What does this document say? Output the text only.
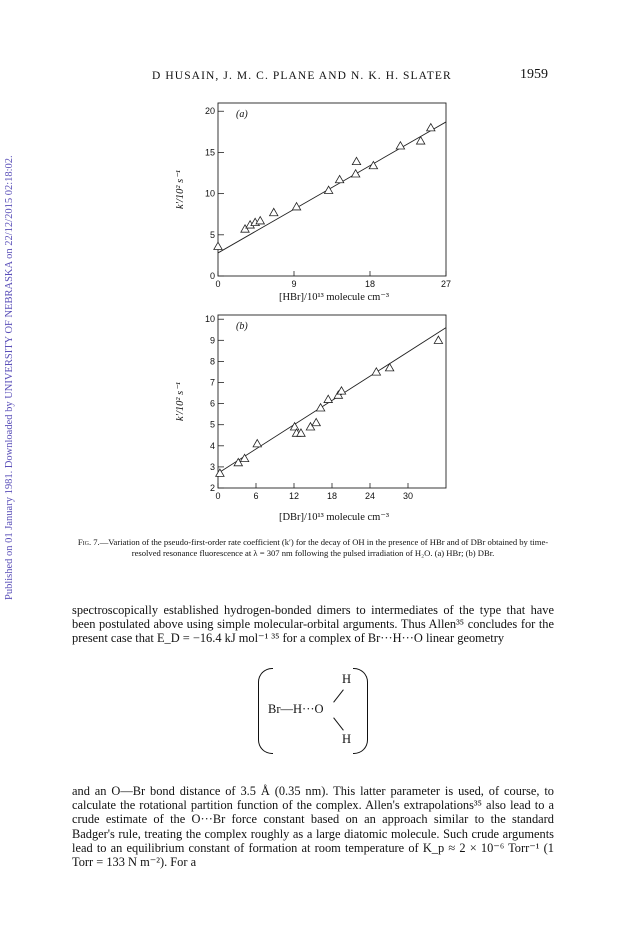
Published on 01 January 1981. Downloaded by UNIVERSITY OF NEBRASKA on 22/12/2015 02:18:02.
D HUSAIN, J. M. C. PLANE AND N. K. H. SLATER	1959
0	9	18	27
0
5
10
15
20 (a)
[HBr]/10¹³ molecule cm⁻³
k′/10² s⁻¹
0	6	12	18	24	30
2
3
4
5
6
7
8
9
10
(b)
[DBr]/10¹³ molecule cm⁻³
k′/10² s⁻¹
Fig. 7.—Variation of the pseudo-first-order rate coefficient (k′) for the decay of OH in the presence of HBr and of DBr obtained by time-resolved resonance fluorescence at λ = 307 nm following the pulsed irradiation of H₂O. (a) HBr; (b) DBr.
spectroscopically established hydrogen-bonded dimers to intermediates of the type that have been postulated above using simple molecular-orbital arguments. Thus Allen³⁵ concludes for the present case that E_D = −16.4 kJ mol⁻¹ ³⁵ for a complex of Br···H···O linear geometry
H
Br—H···O
H
and an O—Br bond distance of 3.5 Å (0.35 nm). This latter parameter is used, of course, to calculate the rotational partition function of the complex. Allen's extrapolations³⁵ also lead to a crude estimate of the O···Br force constant based on an approach similar to the standard Badger's rule, treating the complex roughly as a large diatomic molecule. Such crude arguments lead to an equilibrium constant of formation at room temperature of K_p ≈ 2 × 10⁻⁶ Torr⁻¹ (1 Torr = 133 N m⁻²). For a
